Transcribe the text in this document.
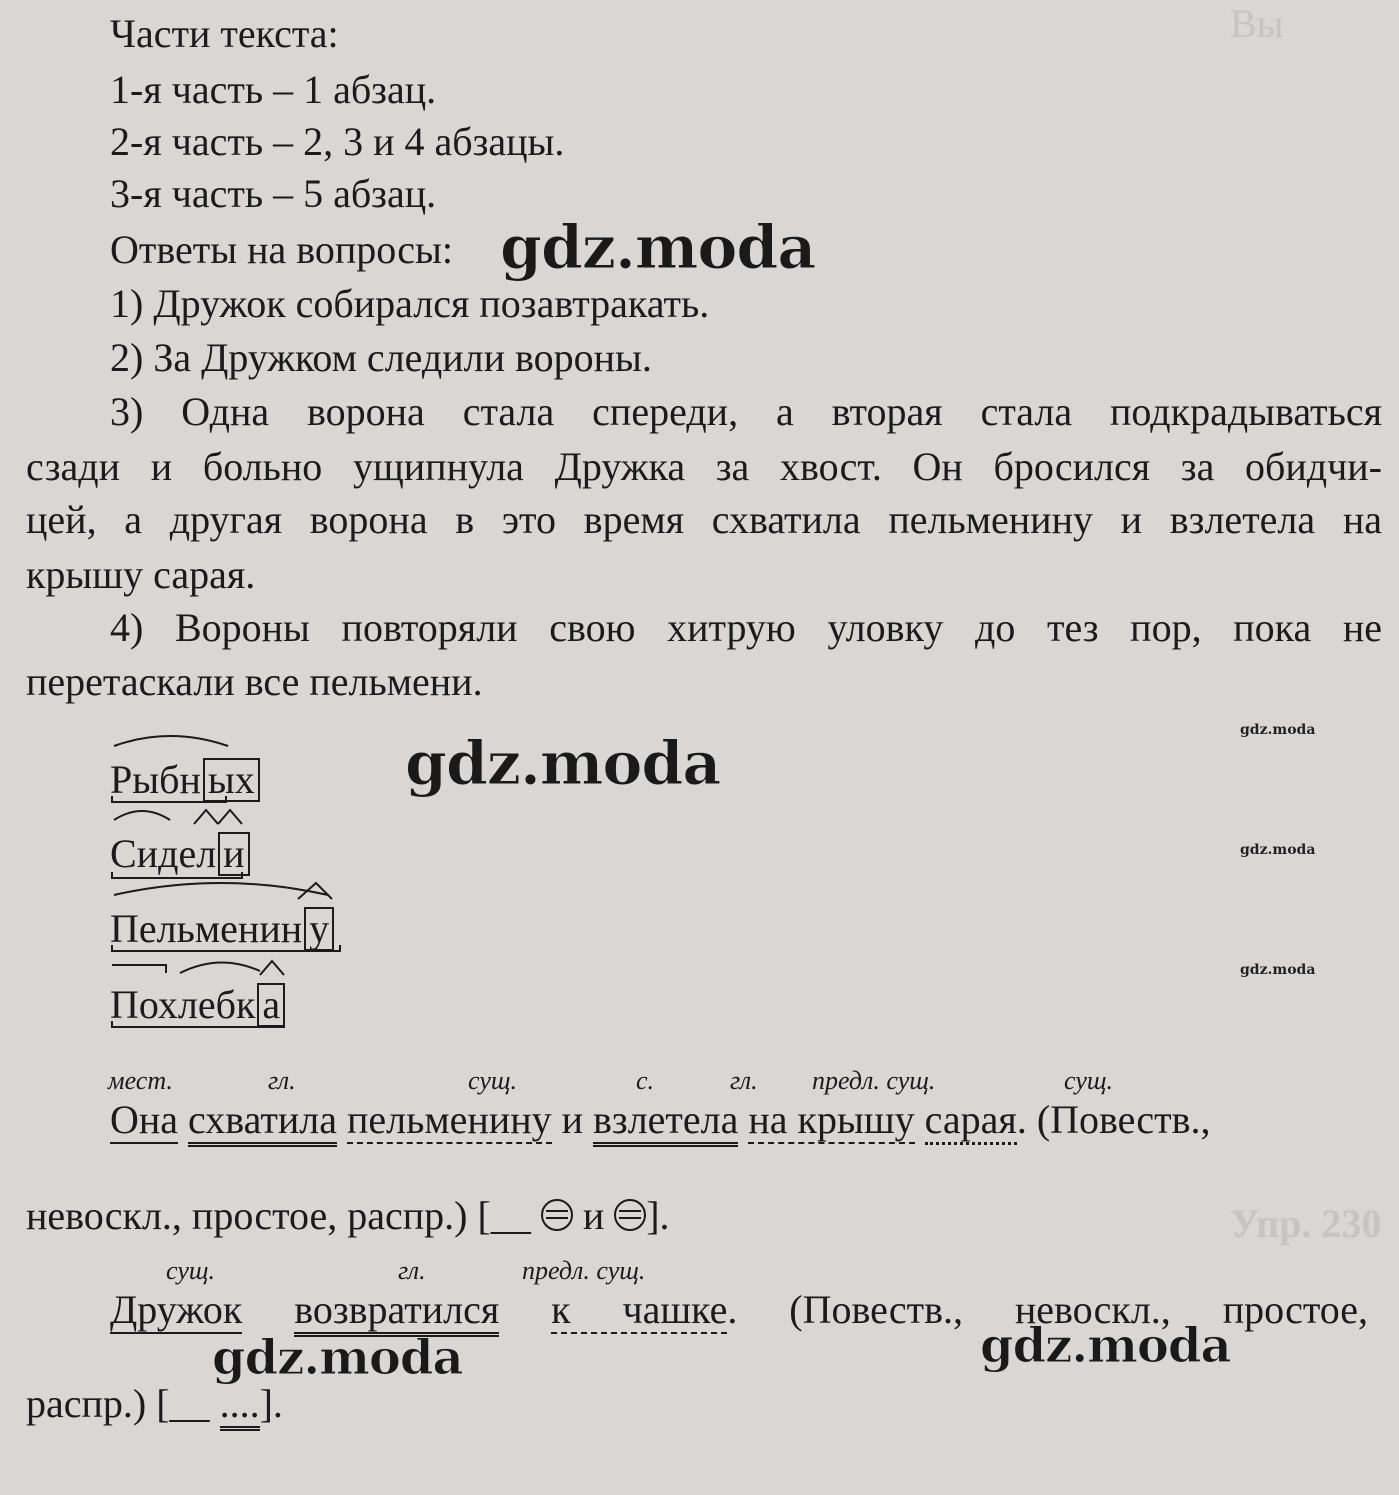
Вы
Упр. 230
Части текста:
1-я часть – 1 абзац.
2-я часть – 2, 3 и 4 абзацы.
3-я часть – 5 абзац.
Ответы на вопросы:
1) Дружок собирался позавтракать.
2) За Дружком следили вороны.
3) Одна ворона стала спереди, а вторая стала подкрадываться
сзади и больно ущипнула Дружка за хвост. Он бросился за обидчи-
цей, а другая ворона в это время схватила пельменину и взлетела на
крышу сарая.
4) Вороны повторяли свою хитрую уловку до тез пор, пока не
перетаскали все пельмени.
gdz.moda
gdz.moda
gdz.moda	gdz.moda
gdz.moda
gdz.moda
gdz.moda
Рыбн ых
Сидел и
Пельменин у
Похлебк а
мест.	гл.	сущ.	с.	гл. предл. сущ.	сущ.
Она схватила пельменину и взлетела на крышу сарая. (Повеств.,
невоскл., простое, распр.) [__ и ].
сущ.	гл.	предл. сущ.
Дружок возвратился к чашке. (Повеств., невоскл., простое,
распр.) [__ ....].
